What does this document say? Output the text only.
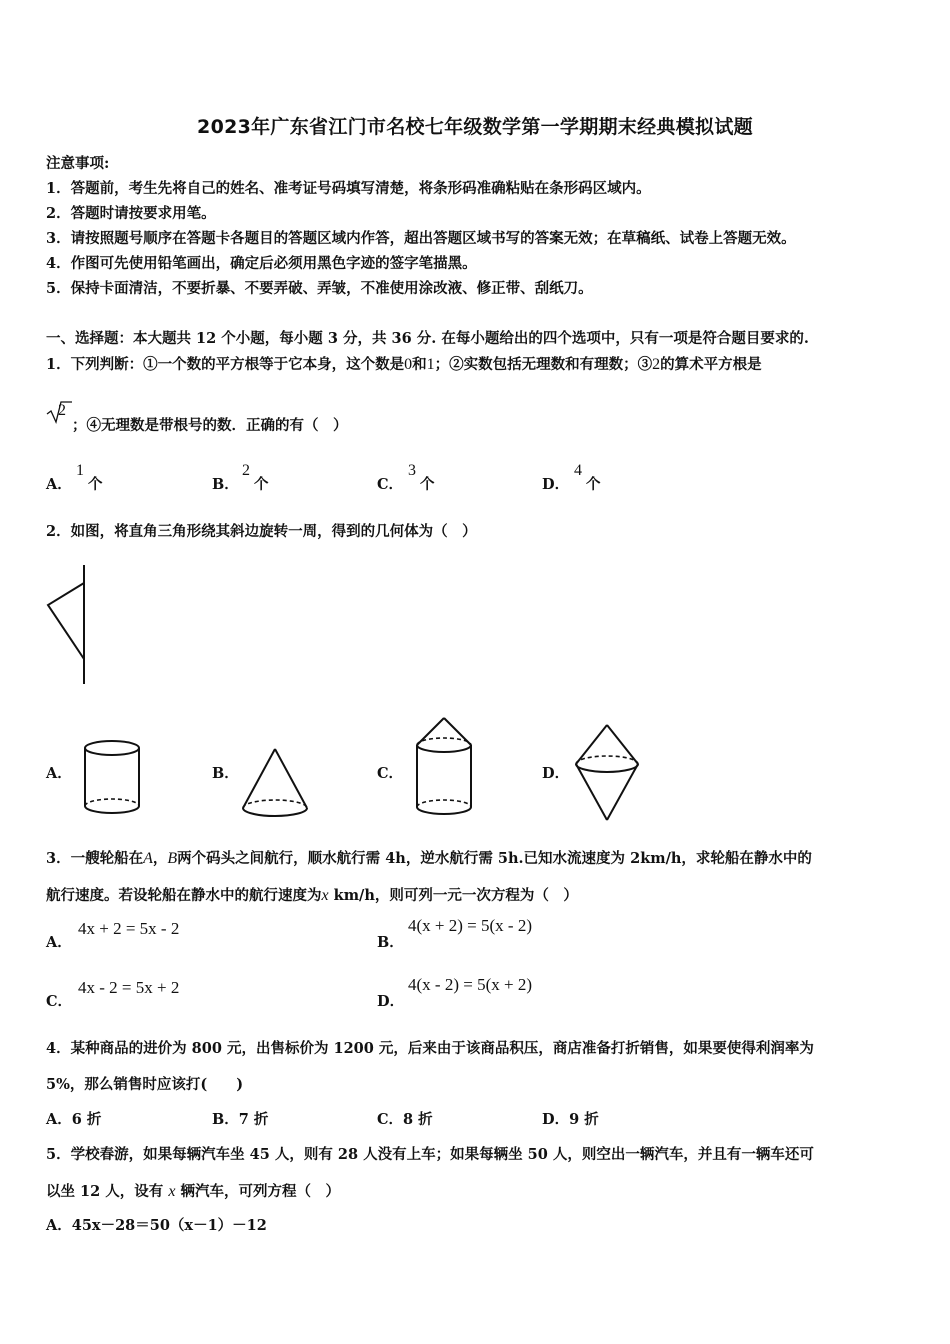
2023年广东省江门市名校七年级数学第一学期期末经典模拟试题
注意事项:
1．答题前，考生先将自己的姓名、准考证号码填写清楚，将条形码准确粘贴在条形码区域内。
2．答题时请按要求用笔。
3．请按照题号顺序在答题卡各题目的答题区域内作答，超出答题区域书写的答案无效；在草稿纸、试卷上答题无效。
4．作图可先使用铅笔画出，确定后必须用黑色字迹的签字笔描黑。
5．保持卡面清洁，不要折暴、不要弄破、弄皱，不准使用涂改液、修正带、刮纸刀。
一、选择题：本大题共 12 个小题，每小题 3 分，共 36 分. 在每小题给出的四个选项中，只有一项是符合题目要求的.
1．下列判断：①一个数的平方根等于它本身，这个数是0和1；②实数包括无理数和有理数；③2的算术平方根是
2
；④无理数是带根号的数．正确的有（　）
A．
1
个	B．
2
个	C．
3
个	D．
4
个
2．如图，将直角三角形绕其斜边旋转一周，得到的几何体为（　）
A．	B．	C．	D．
3．一艘轮船在A，B两个码头之间航行，顺水航行需 4h，逆水航行需 5h.已知水流速度为 2km/h，求轮船在静水中的
航行速度。若设轮船在静水中的航行速度为x km/h，则可列一元一次方程为（　）
A．
4x + 2 = 5x - 2
B．
4(x + 2) = 5(x - 2)
C．
4x - 2 = 5x + 2
D．
4(x - 2) = 5(x + 2)
4．某种商品的进价为 800 元，出售标价为 1200 元，后来由于该商品积压，商店准备打折销售，如果要使得利润率为
5%，那么销售时应该打(　　)
A．6 折	B．7 折	C．8 折	D．9 折
5．学校春游，如果每辆汽车坐 45 人，则有 28 人没有上车；如果每辆坐 50 人，则空出一辆汽车，并且有一辆车还可
以坐 12 人，设有 x 辆汽车，可列方程（　）
A．45x－28＝50（x－1）－12
